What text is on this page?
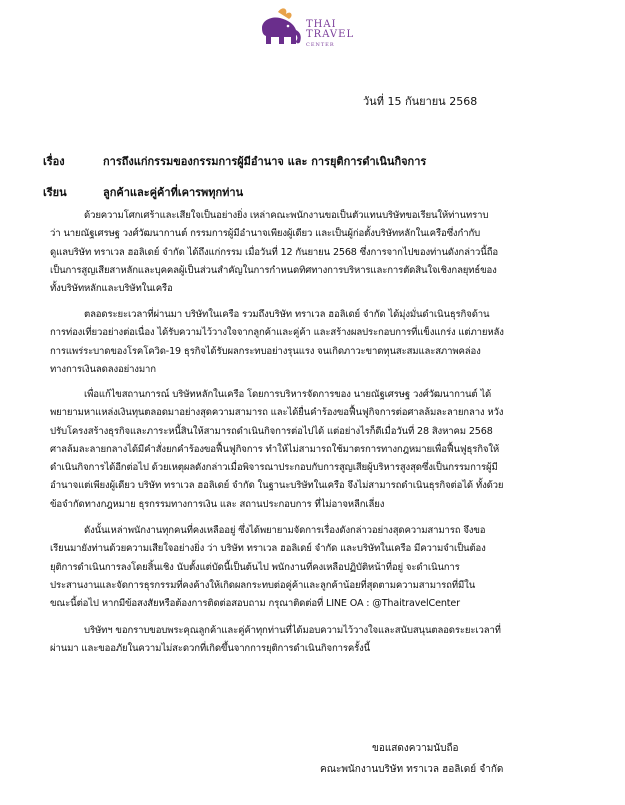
THAI
TRAVEL
CENTER
วันที่ 15 กันยายน 2568
เรื่อง	การถึงแก่กรรมของกรรมการผู้มีอำนาจ และ การยุติการดำเนินกิจการ
เรียน	ลูกค้าและคู่ค้าที่เคารพทุกท่าน
ด้วยความโศกเศร้าและเสียใจเป็นอย่างยิ่ง เหล่าคณะพนักงานขอเป็นตัวแทนบริษัทขอเรียนให้ท่านทราบ
ว่า นายณัฐเศรษฐ วงศ์วัฒนากานต์ กรรมการผู้มีอำนาจเพียงผู้เดียว และเป็นผู้ก่อตั้งบริษัทหลักในเครือซึ่งกำกับ
ดูแลบริษัท ทราเวล ฮอลิเดย์ จำกัด ได้ถึงแก่กรรม เมื่อวันที่ 12 กันยายน 2568 ซึ่งการจากไปของท่านดังกล่าวนี้ถือ
เป็นการสูญเสียสาหลักและบุคคลผู้เป็นส่วนสำคัญในการกำหนดทิศทางการบริหารและการตัดสินใจเชิงกลยุทธ์ของ
ทั้งบริษัทหลักและบริษัทในเครือ
ตลอดระยะเวลาที่ผ่านมา บริษัทในเครือ รวมถึงบริษัท ทราเวล ฮอลิเดย์ จำกัด ได้มุ่งมั่นดำเนินธุรกิจด้าน
การท่องเที่ยวอย่างต่อเนื่อง ได้รับความไว้วางใจจากลูกค้าและคู่ค้า และสร้างผลประกอบการที่แข็งแกร่ง แต่ภายหลัง
การแพร่ระบาดของโรคโควิด-19 ธุรกิจได้รับผลกระทบอย่างรุนแรง จนเกิดภาวะขาดทุนสะสมและสภาพคล่อง
ทางการเงินลดลงอย่างมาก
เพื่อแก้ไขสถานการณ์ บริษัทหลักในเครือ โดยการบริหารจัดการของ นายณัฐเศรษฐ วงศ์วัฒนากานต์ ได้
พยายามหาแหล่งเงินทุนตลอดมาอย่างสุดความสามารถ และได้ยื่นคำร้องขอฟื้นฟูกิจการต่อศาลล้มละลายกลาง หวัง
ปรับโครงสร้างธุรกิจและภาระหนี้สินให้สามารถดำเนินกิจการต่อไปได้ แต่อย่างไรก็ดีเมื่อวันที่ 28 สิงหาคม 2568
ศาลล้มละลายกลางได้มีคำสั่งยกคำร้องขอฟื้นฟูกิจการ ทำให้ไม่สามารถใช้มาตรการทางกฎหมายเพื่อฟื้นฟูธุรกิจให้
ดำเนินกิจการได้อีกต่อไป ด้วยเหตุผลดังกล่าวเมื่อพิจารณาประกอบกับการสูญเสียผู้บริหารสูงสุดซึ่งเป็นกรรมการผู้มี
อำนาจแต่เพียงผู้เดียว บริษัท ทราเวล ฮอลิเดย์ จำกัด ในฐานะบริษัทในเครือ จึงไม่สามารถดำเนินธุรกิจต่อได้ ทั้งด้วย
ข้อจำกัดทางกฎหมาย ธุรกรรมทางการเงิน และ สถานประกอบการ ที่ไม่อาจหลีกเลี่ยง
ดังนั้นเหล่าพนักงานทุกคนที่คงเหลืออยู่ ซึ่งได้พยายามจัดการเรื่องดังกล่าวอย่างสุดความสามารถ จึงขอ
เรียนมายังท่านด้วยความเสียใจอย่างยิ่ง ว่า บริษัท ทราเวล ฮอลิเดย์ จำกัด และบริษัทในเครือ มีความจำเป็นต้อง
ยุติการดำเนินการลงโดยสิ้นเชิง นับตั้งแต่บัดนี้เป็นต้นไป พนักงานที่คงเหลือปฏิบัติหน้าที่อยู่ จะดำเนินการ
ประสานงานและจัดการธุรกรรมที่คงค้างให้เกิดผลกระทบต่อคู่ค้าและลูกค้าน้อยที่สุดตามความสามารถที่มีใน
ขณะนี้ต่อไป หากมีข้อสงสัยหรือต้องการติดต่อสอบถาม กรุณาติดต่อที่ LINE OA : @ThaitravelCenter
บริษัทฯ ขอกราบขอบพระคุณลูกค้าและคู่ค้าทุกท่านที่ได้มอบความไว้วางใจและสนับสนุนตลอดระยะเวลาที่
ผ่านมา และขออภัยในความไม่สะดวกที่เกิดขึ้นจากการยุติการดำเนินกิจการครั้งนี้
ขอแสดงความนับถือ
คณะพนักงานบริษัท ทราเวล ฮอลิเดย์ จำกัด
